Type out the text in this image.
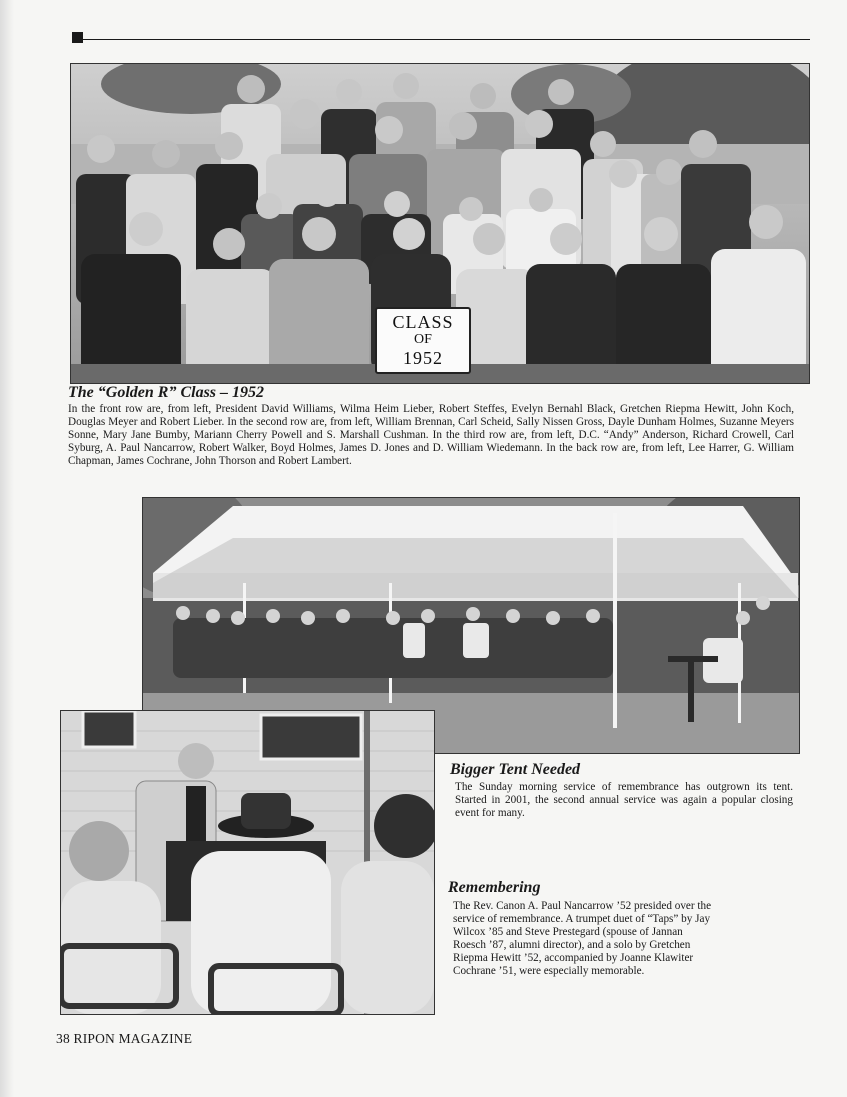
CLASS
OF
1952
The “Golden R” Class – 1952

In the front row are, from left, President David Williams, Wilma Heim Lieber, Robert Steffes, Evelyn Bernahl Black, Gretchen Riepma Hewitt, John Koch, Douglas Meyer and Robert Lieber. In the second row are, from left, William Brennan, Carl Scheid, Sally Nissen Gross, Dayle Dunham Holmes, Suzanne Meyers Sonne, Mary Jane Bumby, Mariann Cherry Powell and S. Marshall Cushman. In the third row are, from left, D.C. “Andy” Anderson, Richard Crowell, Carl Syburg, A. Paul Nancarrow, Robert Walker, Boyd Holmes, James D. Jones and D. William Wiedemann. In the back row are, from left, Lee Harrer, G. William Chapman, James Cochrane, John Thorson and Robert Lambert.

Bigger Tent Needed

The Sunday morning service of remembrance has outgrown its tent. Started in 2001, the second annual service was again a popular closing event for many.

Remembering

The Rev. Canon A. Paul Nancarrow ’52 presided over the service of remembrance. A trumpet duet of “Taps” by Jay Wilcox ’85 and Steve Prestegard (spouse of Jannan Roesch ’87, alumni director), and a solo by Gretchen Riepma Hewitt ’52, accompanied by Joanne Klawiter Cochrane ’51, were especially memorable.

38 RIPON MAGAZINE
